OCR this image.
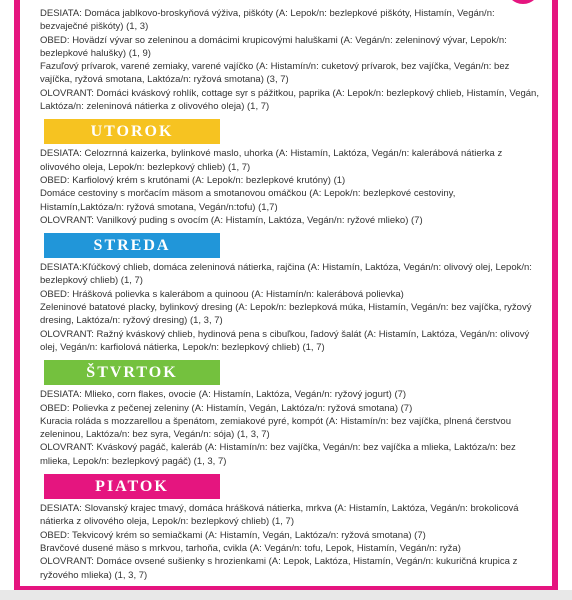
DESIATA: Domáca jablkovo-broskyňová výživa, piškóty (A: Lepok/n: bezlepkové piškóty, Histamín, Vegán/n: bezvaječné piškóty) (1, 3)

OBED: Hovädzí vývar so zeleninou a domácimi krupicovými haluškami (A: Vegán/n: zeleninový vývar, Lepok/n: bezlepkové halušky) (1, 9)

Fazuľový prívarok, varené zemiaky, varené vajíčko (A: Histamín/n: cuketový prívarok, bez vajíčka, Vegán/n: bez vajíčka, ryžová smotana, Laktóza/n: ryžová smotana) (3, 7)

OLOVRANT: Domáci kváskový rohlík, cottage syr s pážitkou, paprika (A: Lepok/n: bezlepkový chlieb, Histamín, Vegán, Laktóza/n: zeleninová nátierka z olivového oleja) (1, 7)

UTOROK

DESIATA: Celozrnná kaizerka, bylinkové maslo, uhorka (A: Histamín, Laktóza, Vegán/n: kalerábová nátierka z olivového oleja, Lepok/n: bezlepkový chlieb) (1, 7)

OBED: Karfiolový krém s krutónami (A: Lepok/n: bezlepkové krutóny) (1)

Domáce cestoviny s morčacím mäsom a smotanovou omáčkou (A: Lepok/n: bezlepkové cestoviny, Histamín,Laktóza/n: ryžová smotana, Vegán/n:tofu) (1,7)

OLOVRANT: Vanilkový puding s ovocím (A: Histamín, Laktóza, Vegán/n: ryžové mlieko) (7)

STREDA

DESIATA:Kľúčkový chlieb, domáca zeleninová nátierka, rajčina (A: Histamín, Laktóza, Vegán/n: olivový olej, Lepok/n: bezlepkový chlieb) (1, 7)

OBED: Hrášková polievka s kalerábom a quinoou (A: Histamín/n: kalerábová polievka)

Zeleninové batatové placky, bylinkový dresing (A: Lepok/n: bezlepková múka, Histamín, Vegán/n: bez vajíčka, ryžový dresing, Laktóza/n: ryžový dresing) (1, 3, 7)

OLOVRANT: Ražný kváskový chlieb, hydinová pena s cibuľkou, ľadový šalát (A: Histamín, Laktóza, Vegán/n: olivový olej, Vegán/n: karfiolová nátierka, Lepok/n: bezlepkový chlieb) (1, 7)

ŠTVRTOK

DESIATA: Mlieko, corn flakes, ovocie (A: Histamín, Laktóza, Vegán/n: ryžový jogurt) (7)

OBED: Polievka z pečenej zeleniny (A: Histamín, Vegán, Laktóza/n: ryžová smotana) (7)

Kuracia roláda s mozzarellou a špenátom, zemiakové pyré, kompót (A: Histamín/n: bez vajíčka, plnená čerstvou zeleninou, Laktóza/n: bez syra, Vegán/n: sója) (1, 3, 7)

OLOVRANT: Kváskový pagáč, kaleráb (A: Histamín/n: bez vajíčka, Vegán/n: bez vajíčka a mlieka, Laktóza/n: bez mlieka, Lepok/n: bezlepkový pagáč) (1, 3, 7)

PIATOK

DESIATA: Slovanský krajec tmavý, domáca hrášková nátierka, mrkva (A: Histamín, Laktóza, Vegán/n: brokolicová nátierka z olivového oleja, Lepok/n: bezlepkový chlieb) (1, 7)

OBED: Tekvicový krém so semiačkami (A: Histamín, Vegán, Laktóza/n: ryžová smotana) (7)

Bravčové dusené mäso s mrkvou, tarhoňa, cvikla (A: Vegán/n: tofu, Lepok, Histamín, Vegán/n: ryža)

OLOVRANT: Domáce ovsené sušienky s hrozienkami (A: Lepok, Laktóza, Histamín, Vegán/n: kukuričná krupica z ryžového mlieka) (1, 3, 7)
